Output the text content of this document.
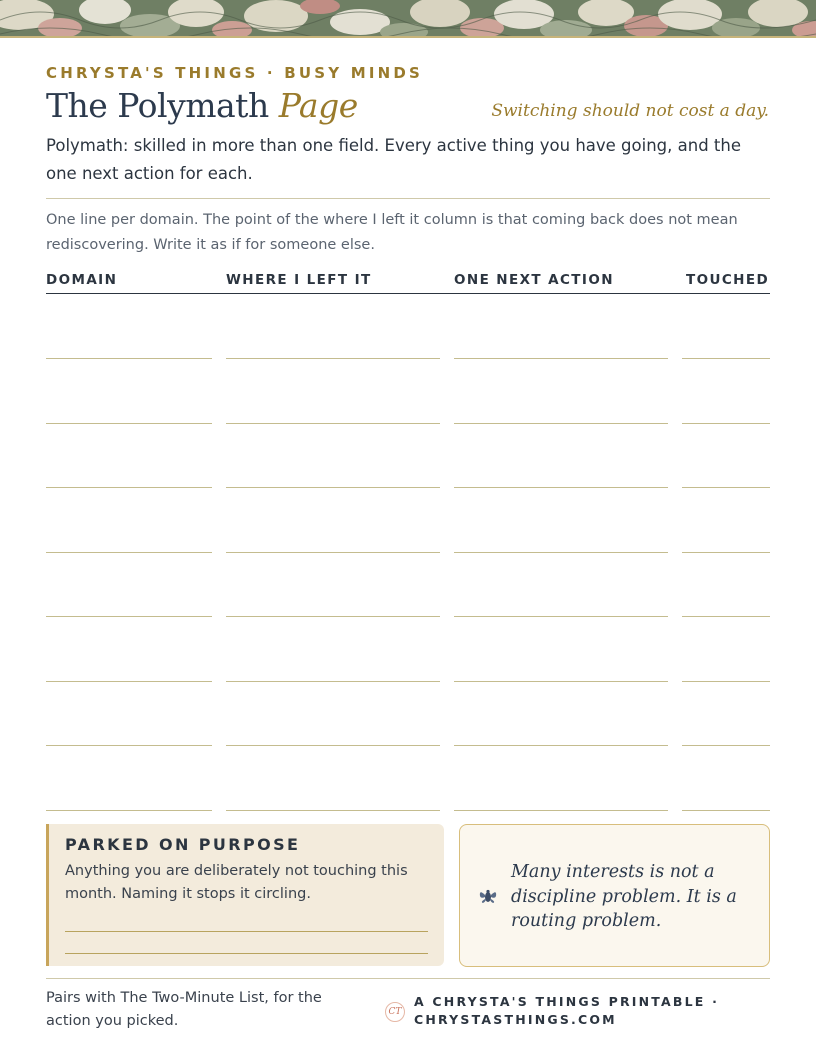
CHRYSTA'S THINGS · BUSY MINDS
The Polymath Page	Switching should not cost a day.
Polymath: skilled in more than one field. Every active thing you have going, and the one next action for each.
One line per domain. The point of the where I left it column is that coming back does not mean rediscovering. Write it as if for someone else.
DOMAIN	WHERE I LEFT IT	ONE NEXT ACTION	TOUCHED
PARKED ON PURPOSE
Anything you are deliberately not touching this month. Naming it stops it circling.
Many interests is not a discipline problem. It is a routing problem.
Pairs with The Two-Minute List, for the action you picked.
CT
A CHRYSTA'S THINGS PRINTABLE ·
CHRYSTASTHINGS.COM
